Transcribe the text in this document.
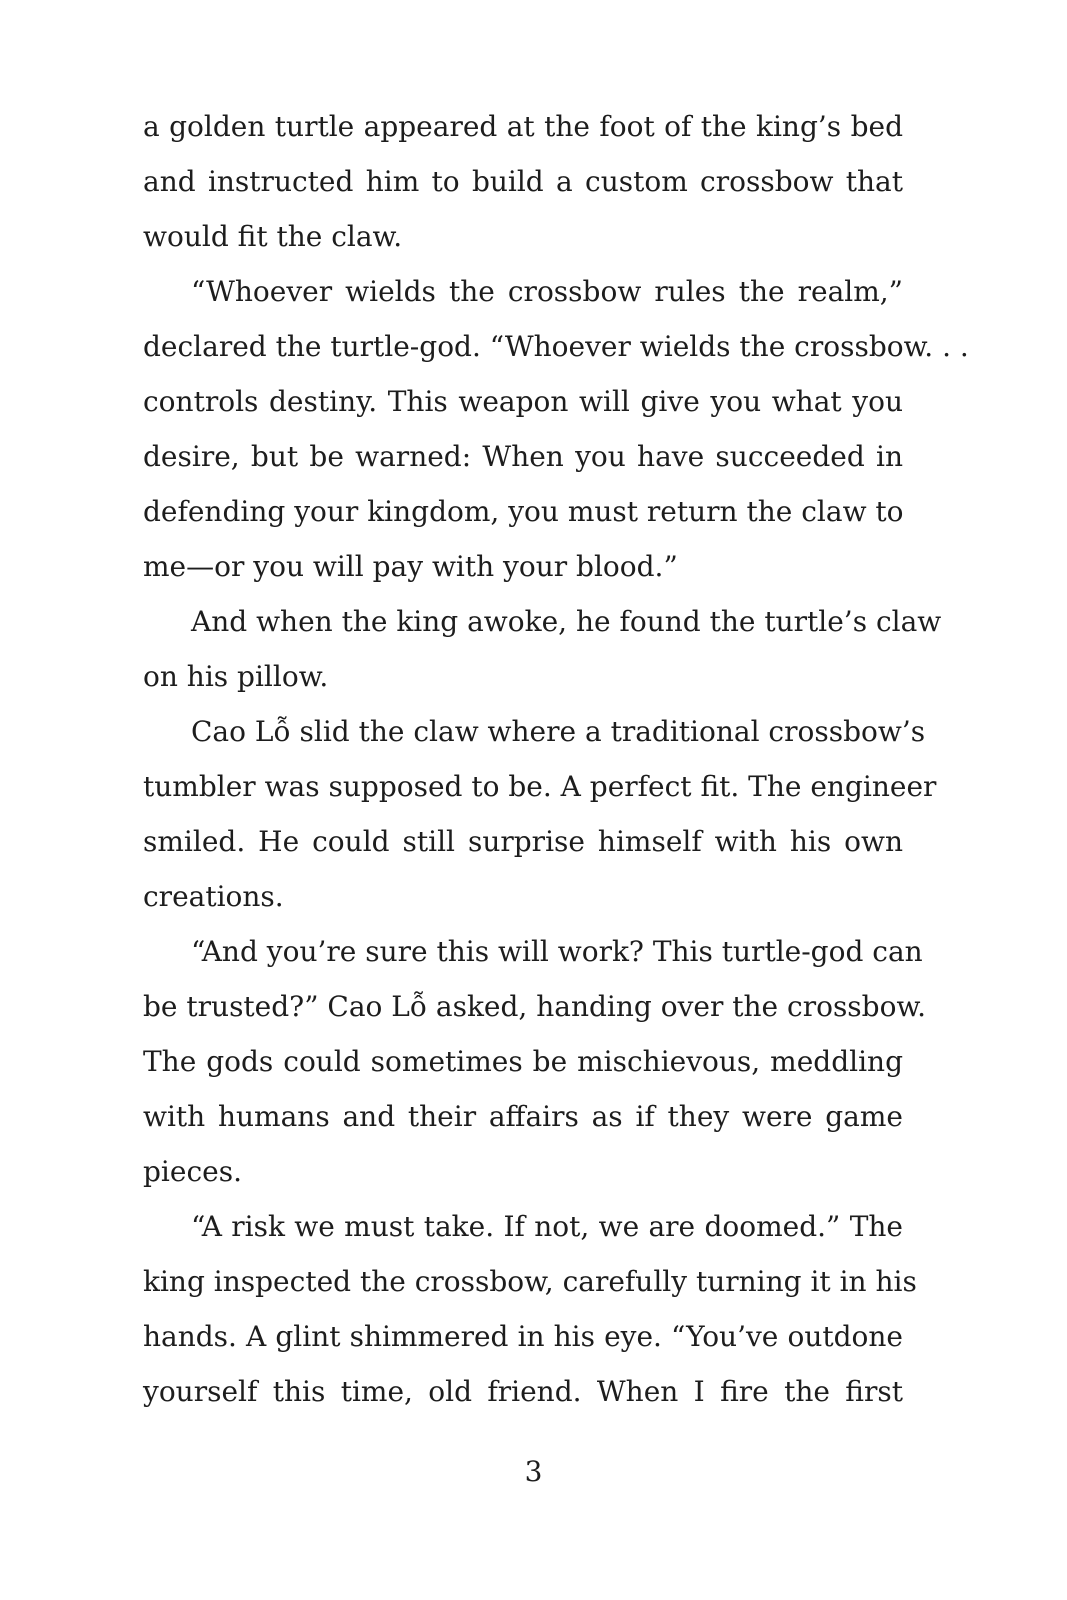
a golden turtle appeared at the foot of the king’s bed
and instructed him to build a custom crossbow that
would fit the claw.
“Whoever wields the crossbow rules the realm,”
declared the turtle-god. “Whoever wields the crossbow. . .
controls destiny. This weapon will give you what you
desire, but be warned: When you have succeeded in
defending your kingdom, you must return the claw to
me—or you will pay with your blood.”
And when the king awoke, he found the turtle’s claw
on his pillow.
Cao Lỗ slid the claw where a traditional crossbow’s
tumbler was supposed to be. A perfect fit. The engineer
smiled. He could still surprise himself with his own
creations.
“And you’re sure this will work? This turtle-god can
be trusted?” Cao Lỗ asked, handing over the crossbow.
The gods could sometimes be mischievous, meddling
with humans and their affairs as if they were game
pieces.
“A risk we must take. If not, we are doomed.” The
king inspected the crossbow, carefully turning it in his
hands. A glint shimmered in his eye. “You’ve outdone
yourself this time, old friend. When I fire the first
3
